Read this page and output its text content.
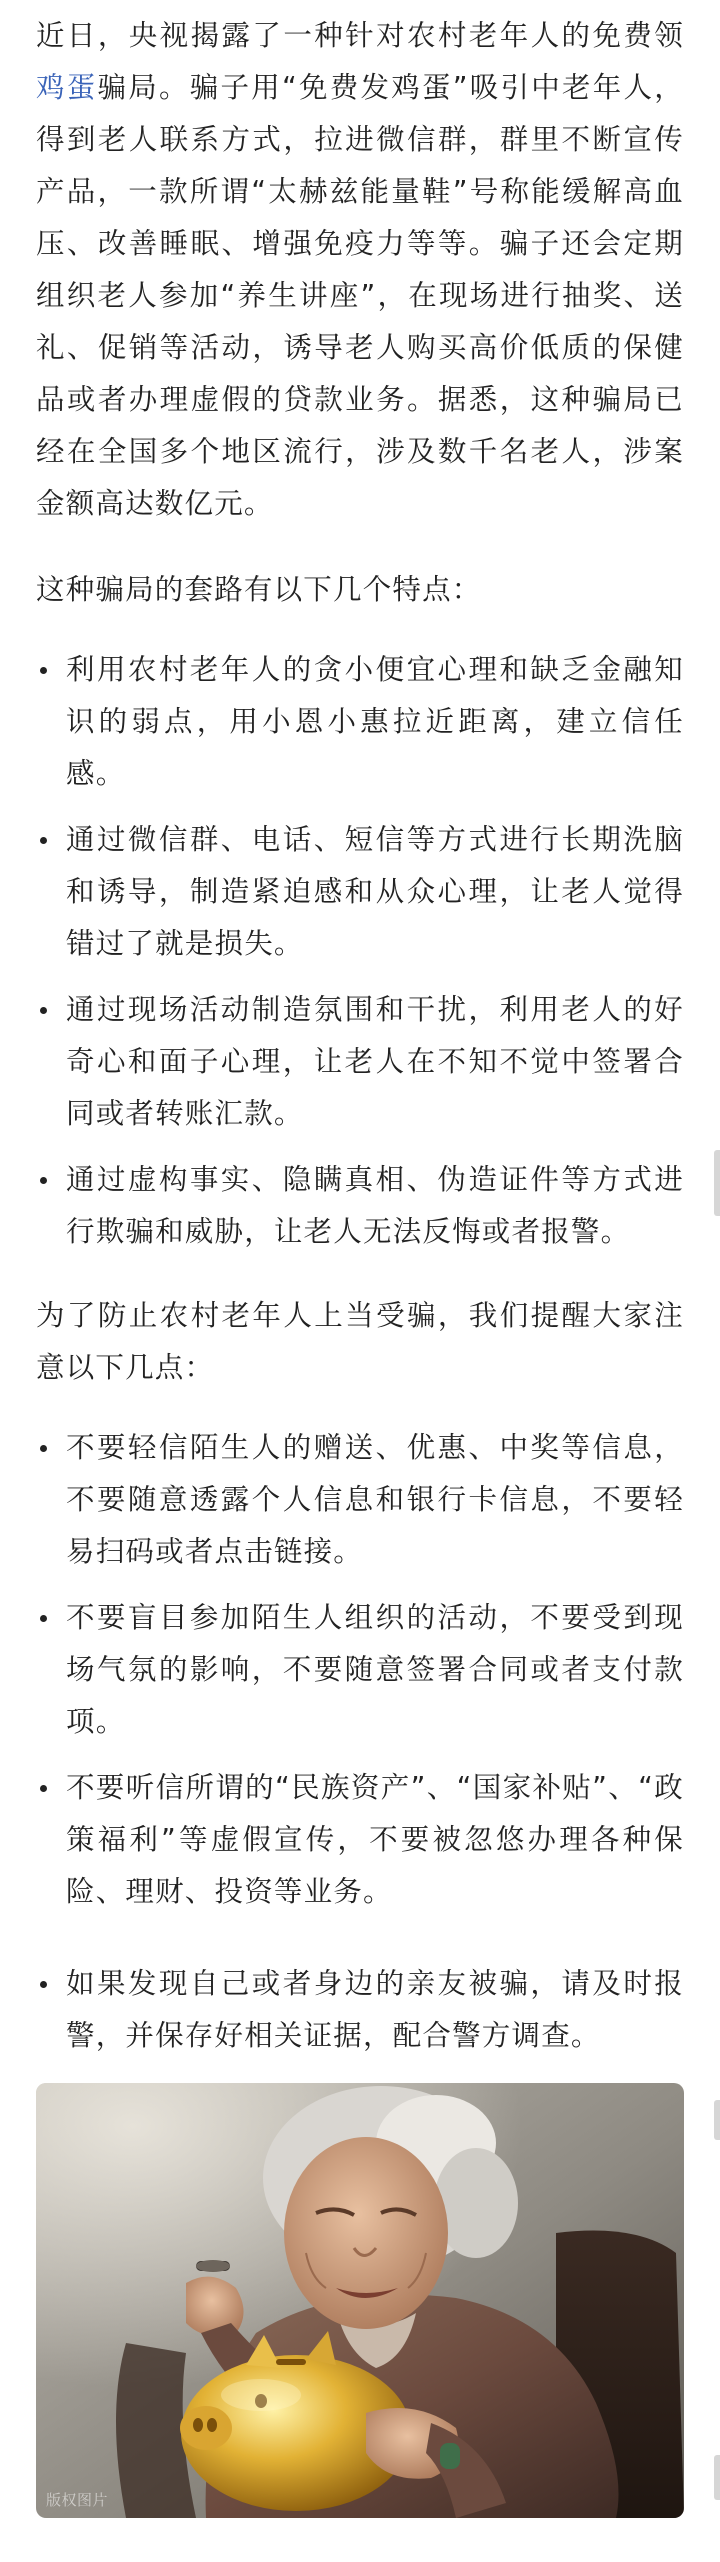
近日，央视揭露了一种针对农村老年人的免费领鸡蛋骗局。骗子用“免费发鸡蛋”吸引中老年人，得到老人联系方式，拉进微信群，群里不断宣传产品，一款所谓“太赫兹能量鞋”号称能缓解高血压、改善睡眠、增强免疫力等等。骗子还会定期组织老人参加“养生讲座”，在现场进行抽奖、送礼、促销等活动，诱导老人购买高价低质的保健品或者办理虚假的贷款业务。据悉，这种骗局已经在全国多个地区流行，涉及数千名老人，涉案金额高达数亿元。

这种骗局的套路有以下几个特点：

利用农村老年人的贪小便宜心理和缺乏金融知识的弱点，用小恩小惠拉近距离，建立信任感。
通过微信群、电话、短信等方式进行长期洗脑和诱导，制造紧迫感和从众心理，让老人觉得错过了就是损失。
通过现场活动制造氛围和干扰，利用老人的好奇心和面子心理，让老人在不知不觉中签署合同或者转账汇款。
通过虚构事实、隐瞒真相、伪造证件等方式进行欺骗和威胁，让老人无法反悔或者报警。

为了防止农村老年人上当受骗，我们提醒大家注意以下几点：

不要轻信陌生人的赠送、优惠、中奖等信息，不要随意透露个人信息和银行卡信息，不要轻易扫码或者点击链接。
不要盲目参加陌生人组织的活动，不要受到现场气氛的影响，不要随意签署合同或者支付款项。
不要听信所谓的“民族资产”、“国家补贴”、“政策福利”等虚假宣传，不要被忽悠办理各种保险、理财、投资等业务。
如果发现自己或者身边的亲友被骗，请及时报警，并保存好相关证据，配合警方调查。

版权图片
